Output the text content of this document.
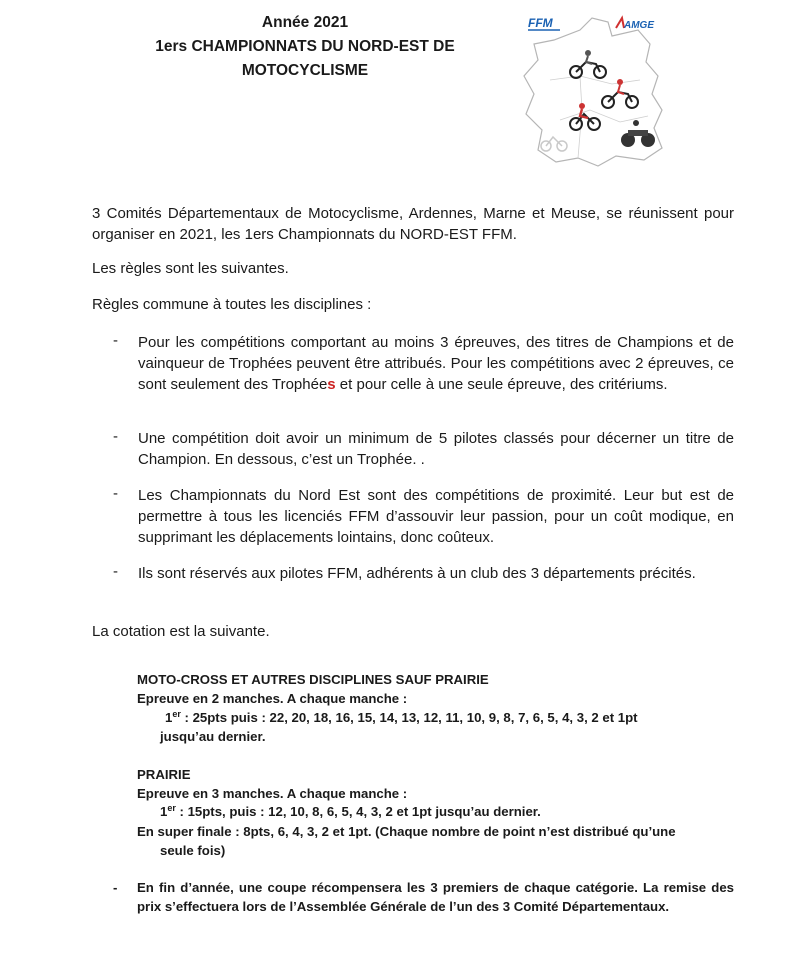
Année 2021
1ers CHAMPIONNATS DU NORD-EST DE
MOTOCYCLISME
FFM	AMGE
3 Comités Départementaux de Motocyclisme, Ardennes, Marne et Meuse, se réunissent pour organiser en 2021, les 1ers Championnats du NORD-EST FFM.
Les règles sont les suivantes.
Règles commune à toutes les disciplines :
- Pour les compétitions comportant au moins 3 épreuves, des titres de Champions et de vainqueur de Trophées peuvent être attribués. Pour les compétitions avec 2 épreuves, ce sont seulement des Trophées et pour celle à une seule épreuve, des critériums.
- Une compétition doit avoir un minimum de 5 pilotes classés pour décerner un titre de Champion. En dessous, c’est un Trophée. .
- Les Championnats du Nord Est sont des compétitions de proximité. Leur but est de permettre à tous les licenciés FFM d’assouvir leur passion, pour un coût modique, en supprimant les déplacements lointains, donc coûteux.
- Ils sont réservés aux pilotes FFM, adhérents à un club des 3 départements précités.
La cotation est la suivante.
MOTO-CROSS ET AUTRES DISCIPLINES SAUF PRAIRIE
Epreuve en 2 manches. A chaque manche :
1er : 25pts puis : 22, 20, 18, 16, 15, 14, 13, 12, 11, 10, 9, 8, 7, 6, 5, 4, 3, 2 et 1pt
jusqu’au dernier.
PRAIRIE
Epreuve en 3 manches. A chaque manche :
1er : 15pts, puis : 12, 10, 8, 6, 5, 4, 3, 2 et 1pt jusqu’au dernier.
En super finale : 8pts, 6, 4, 3, 2 et 1pt. (Chaque nombre de point n’est distribué qu’une
seule fois)
- En fin d’année, une coupe récompensera les 3 premiers de chaque catégorie. La remise des prix s’effectuera lors de l’Assemblée Générale de l’un des 3 Comité Départementaux.
